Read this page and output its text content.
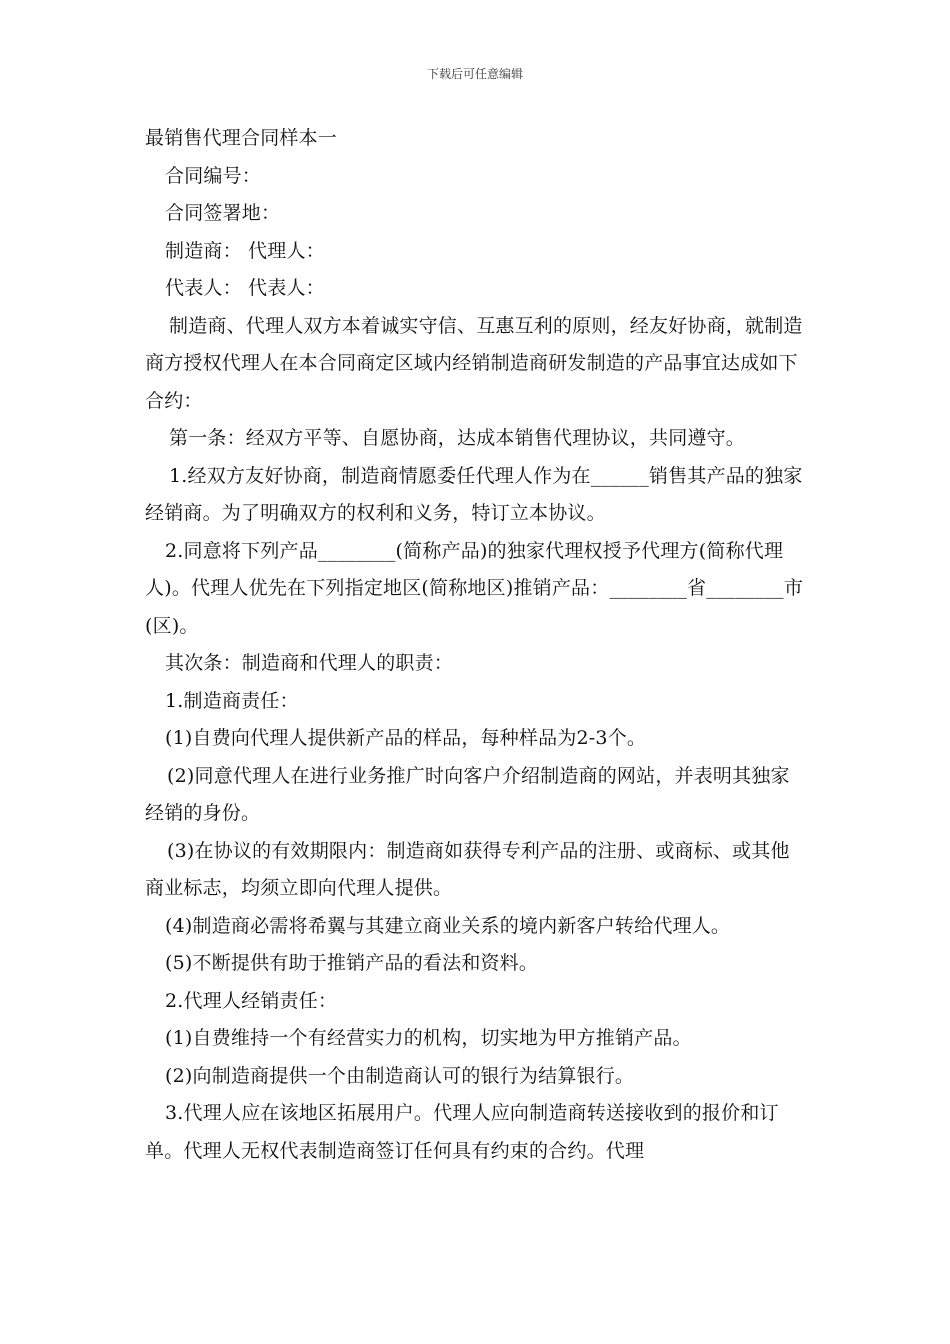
下载后可任意编辑

最销售代理合同样本一

合同编号：

合同签署地：

制造商： 代理人：

代表人： 代表人：

制造商、代理人双方本着诚实守信、互惠互利的原则，经友好协商，就制造商方授权代理人在本合同商定区域内经销制造商研发制造的产品事宜达成如下合约：

第一条：经双方平等、自愿协商，达成本销售代理协议，共同遵守。

1.经双方友好协商，制造商情愿委任代理人作为在______销售其产品的独家经销商。为了明确双方的权利和义务，特订立本协议。

2.同意将下列产品________(简称产品)的独家代理权授予代理方(简称代理人)。代理人优先在下列指定地区(简称地区)推销产品：________省________市(区)。

其次条：制造商和代理人的职责：

1.制造商责任：

(1)自费向代理人提供新产品的样品，每种样品为2-3个。

(2)同意代理人在进行业务推广时向客户介绍制造商的网站，并表明其独家经销的身份。

(3)在协议的有效期限内：制造商如获得专利产品的注册、或商标、或其他商业标志，均须立即向代理人提供。

(4)制造商必需将希翼与其建立商业关系的境内新客户转给代理人。

(5)不断提供有助于推销产品的看法和资料。

2.代理人经销责任：

(1)自费维持一个有经营实力的机构，切实地为甲方推销产品。

(2)向制造商提供一个由制造商认可的银行为结算银行。

3.代理人应在该地区拓展用户。代理人应向制造商转送接收到的报价和订单。代理人无权代表制造商签订任何具有约束的合约。代理
